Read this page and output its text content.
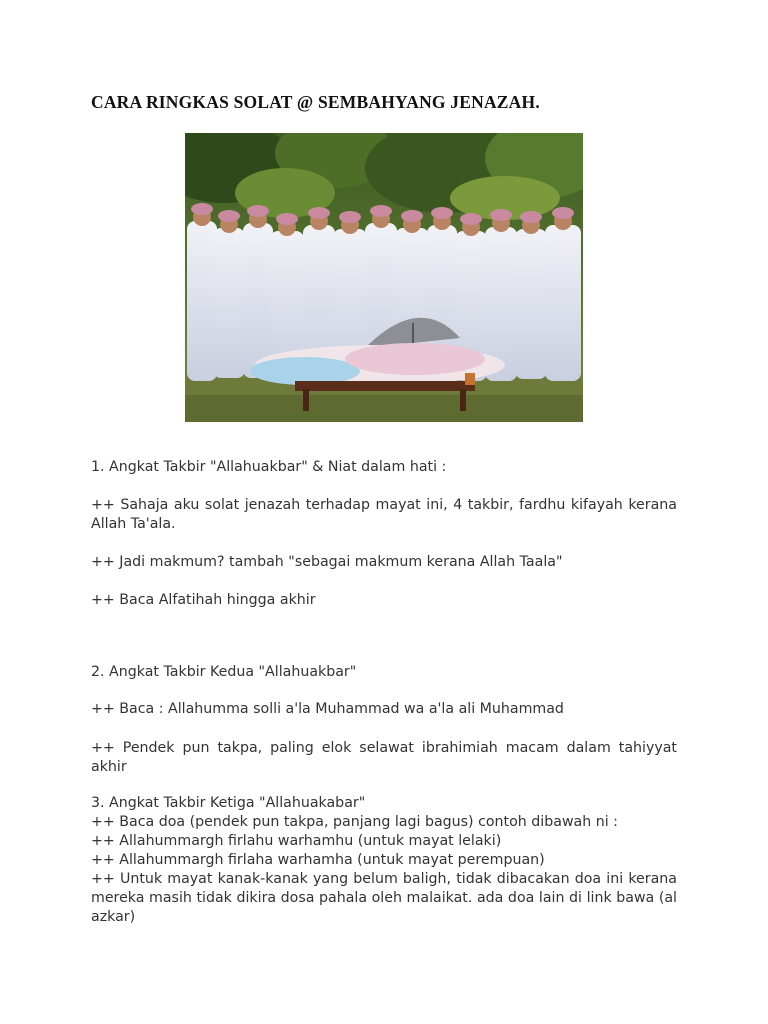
CARA RINGKAS SOLAT @ SEMBAHYANG JENAZAH.
1. Angkat Takbir "Allahuakbar" & Niat dalam hati :
++ Sahaja aku solat jenazah terhadap mayat ini, 4 takbir, fardhu kifayah kerana Allah Ta'ala.
++ Jadi makmum? tambah "sebagai makmum kerana Allah Taala"
++ Baca Alfatihah hingga akhir
2. Angkat Takbir Kedua "Allahuakbar"
++ Baca : Allahumma solli a'la Muhammad wa a'la ali Muhammad
++ Pendek pun takpa, paling elok selawat ibrahimiah macam dalam tahiyyat akhir
3. Angkat Takbir Ketiga "Allahuakabar"
++ Baca doa (pendek pun takpa, panjang lagi bagus) contoh dibawah ni :
++ Allahummargh firlahu warhamhu (untuk mayat lelaki)
++ Allahummargh firlaha warhamha (untuk mayat perempuan)
++ Untuk mayat kanak-kanak yang belum baligh, tidak dibacakan doa ini kerana mereka masih tidak dikira dosa pahala oleh malaikat. ada doa lain di link bawa (al azkar)
